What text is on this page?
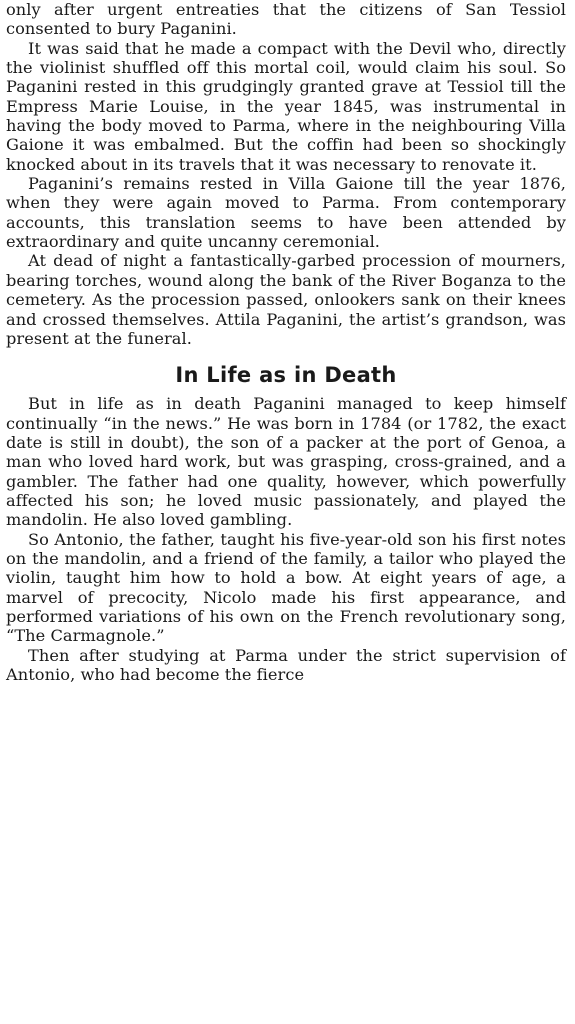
only after urgent entreaties that the citizens of San Tessiol consented to bury Paganini.

It was said that he made a compact with the Devil who, directly the violinist shuffled off this mortal coil, would claim his soul. So Paganini rested in this grudgingly granted grave at Tessiol till the Empress Marie Louise, in the year 1845, was instrumental in having the body moved to Parma, where in the neighbouring Villa Gaione it was embalmed. But the coffin had been so shockingly knocked about in its travels that it was necessary to renovate it.

Paganini’s remains rested in Villa Gaione till the year 1876, when they were again moved to Parma. From contemporary accounts, this translation seems to have been attended by extraordinary and quite uncanny ceremonial.

At dead of night a fantastically-garbed procession of mourners, bearing torches, wound along the bank of the River Boganza to the cemetery. As the procession passed, onlookers sank on their knees and crossed themselves. Attila Paganini, the artist’s grandson, was present at the funeral.

In Life as in Death

But in life as in death Paganini managed to keep himself continually “in the news.” He was born in 1784 (or 1782, the exact date is still in doubt), the son of a packer at the port of Genoa, a man who loved hard work, but was grasping, cross-grained, and a gambler. The father had one quality, however, which powerfully affected his son; he loved music passionately, and played the mandolin. He also loved gambling.

So Antonio, the father, taught his five-year-old son his first notes on the mandolin, and a friend of the family, a tailor who played the violin, taught him how to hold a bow. At eight years of age, a marvel of precocity, Nicolo made his first appearance, and performed variations of his own on the French revolutionary song, “The Carmagnole.”

Then after studying at Parma under the strict supervision of Antonio, who had become the fierce
